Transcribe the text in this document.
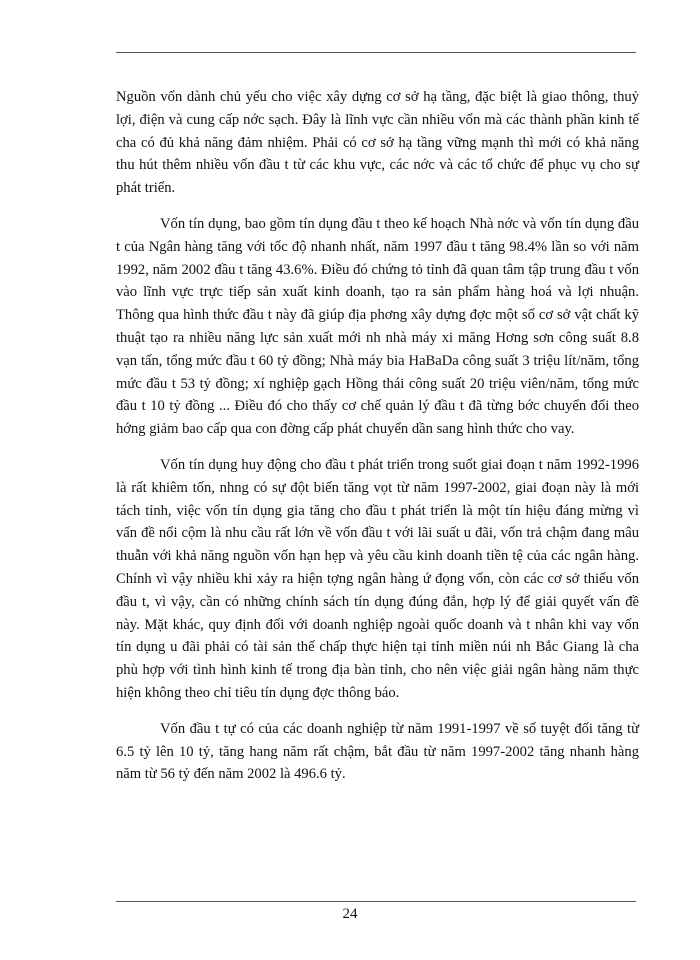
Nguồn vốn dành chủ yếu cho việc xây dựng cơ sở hạ tầng, đặc biệt là giao thông, thuỷ lợi, điện và cung cấp nớc sạch. Đây là lĩnh vực cần nhiều vốn mà các thành phần kinh tế cha có đủ khả năng đảm nhiệm. Phải có cơ sở hạ tầng vững mạnh thì mới có khả năng thu hút thêm nhiều vốn đầu t từ các khu vực, các nớc và các tổ chức để phục vụ cho sự phát triển.

Vốn tín dụng, bao gồm tín dụng đầu t theo kế hoạch Nhà nớc và vốn tín dụng đầu t của Ngân hàng tăng với tốc độ nhanh nhất, năm 1997 đầu t tăng 98.4% lần so với năm 1992, năm 2002 đầu t tăng 43.6%. Điều đó chứng tỏ tỉnh đã quan tâm tập trung đầu t vốn vào lĩnh vực trực tiếp sản xuất kinh doanh, tạo ra sản phẩm hàng hoá và lợi nhuận. Thông qua hình thức đầu t này đã giúp địa phơng xây dựng đợc một số cơ sở vật chất kỹ thuật tạo ra nhiều năng lực sản xuất mới nh nhà máy xi măng Hơng sơn công suất 8.8 vạn tấn, tổng mức đầu t 60 tỷ đồng; Nhà máy bia HaBaDa công suất 3 triệu lít/năm, tổng mức đầu t 53 tỷ đồng; xí nghiệp gạch Hồng thái công suất 20 triệu viên/năm, tổng mức đầu t 10 tỷ đồng ... Điều đó cho thấy cơ chế quản lý đầu t đã từng bớc chuyển đổi theo hớng giảm bao cấp qua con đờng cấp phát chuyển dần sang hình thức cho vay.

Vốn tín dụng huy động cho đầu t phát triển trong suốt giai đoạn t năm 1992-1996 là rất khiêm tốn, nhng có sự đột biến tăng vọt từ năm 1997-2002, giai đoạn này là mới tách tỉnh, việc vốn tín dụng gia tăng cho đầu t phát triển là một tín hiệu đáng mừng vì vấn đề nổi cộm là nhu cầu rất lớn về vốn đầu t với lãi suất u đãi, vốn trả chậm đang mâu thuẫn với khả năng nguồn vốn hạn hẹp và yêu cầu kinh doanh tiền tệ của các ngân hàng. Chính vì vậy nhiều khi xảy ra hiện tợng ngân hàng ứ đọng vốn, còn các cơ sở thiếu vốn đầu t, vì vậy, cần có những chính sách tín dụng đúng đắn, hợp lý để giải quyết vấn đề này. Mặt khác, quy định đối với doanh nghiệp ngoài quốc doanh và t nhân khi vay vốn tín dụng u đãi phải có tài sản thế chấp thực hiện tại tỉnh miền núi nh Bắc Giang là cha phù hợp với tình hình kinh tế trong địa bàn tỉnh, cho nên việc giải ngân hàng năm thực hiện không theo chỉ tiêu tín dụng đợc thông báo.

Vốn đầu t tự có của các doanh nghiệp từ năm 1991-1997 về số tuyệt đối tăng từ 6.5 tỷ lên 10 tỷ, tăng hang năm rất chậm, bắt đầu từ năm 1997-2002 tăng nhanh hàng năm từ 56 tỷ đến năm 2002 là 496.6 tỷ.

24
